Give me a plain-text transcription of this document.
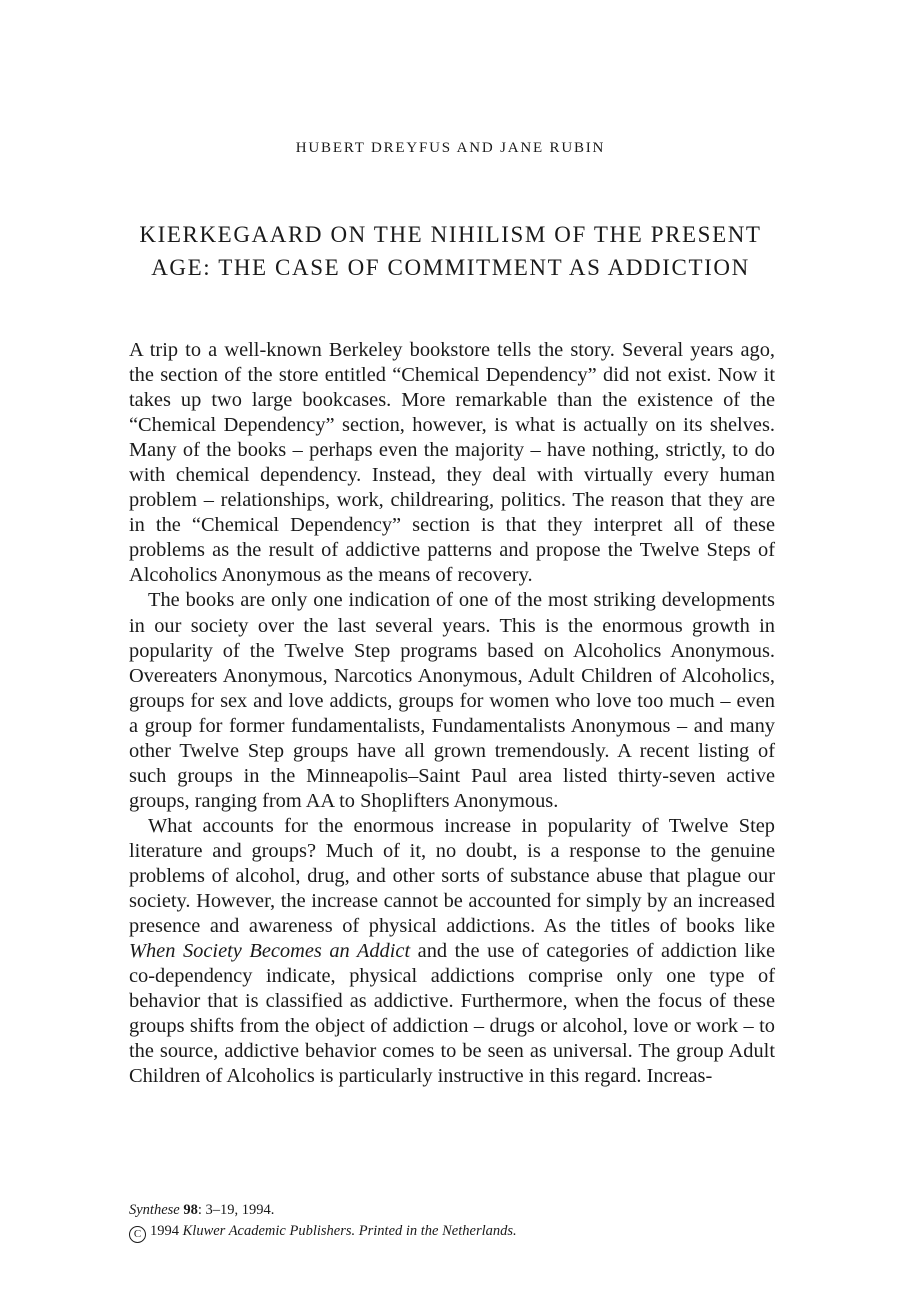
HUBERT DREYFUS AND JANE RUBIN
KIERKEGAARD ON THE NIHILISM OF THE PRESENT
AGE: THE CASE OF COMMITMENT AS ADDICTION

A trip to a well-known Berkeley bookstore tells the story. Several years ago, the section of the store entitled “Chemical Dependency” did not exist. Now it takes up two large bookcases. More remarkable than the existence of the “Chemical Dependency” section, however, is what is actually on its shelves. Many of the books – perhaps even the majority – have nothing, strictly, to do with chemical dependency. Instead, they deal with virtually every human problem – relationships, work, childrearing, politics. The reason that they are in the “Chemical Dependency” section is that they interpret all of these problems as the result of addictive patterns and propose the Twelve Steps of Alcoholics Anonymous as the means of recovery.

The books are only one indication of one of the most striking developments in our society over the last several years. This is the enormous growth in popularity of the Twelve Step programs based on Alcoholics Anonymous. Overeaters Anonymous, Narcotics Anonymous, Adult Children of Alcoholics, groups for sex and love addicts, groups for women who love too much – even a group for former fundamentalists, Fundamentalists Anonymous – and many other Twelve Step groups have all grown tremendously. A recent listing of such groups in the Minneapolis–Saint Paul area listed thirty-seven active groups, ranging from AA to Shoplifters Anonymous.

What accounts for the enormous increase in popularity of Twelve Step literature and groups? Much of it, no doubt, is a response to the genuine problems of alcohol, drug, and other sorts of substance abuse that plague our society. However, the increase cannot be accounted for simply by an increased presence and awareness of physical addictions. As the titles of books like When Society Becomes an Addict and the use of categories of addiction like co-dependency indicate, physical addictions comprise only one type of behavior that is classified as addictive. Furthermore, when the focus of these groups shifts from the object of addiction – drugs or alcohol, love or work – to the source, addictive behavior comes to be seen as universal. The group Adult Children of Alcoholics is particularly instructive in this regard. Increas-

Synthese 98: 3–19, 1994.
C 1994 Kluwer Academic Publishers. Printed in the Netherlands.
